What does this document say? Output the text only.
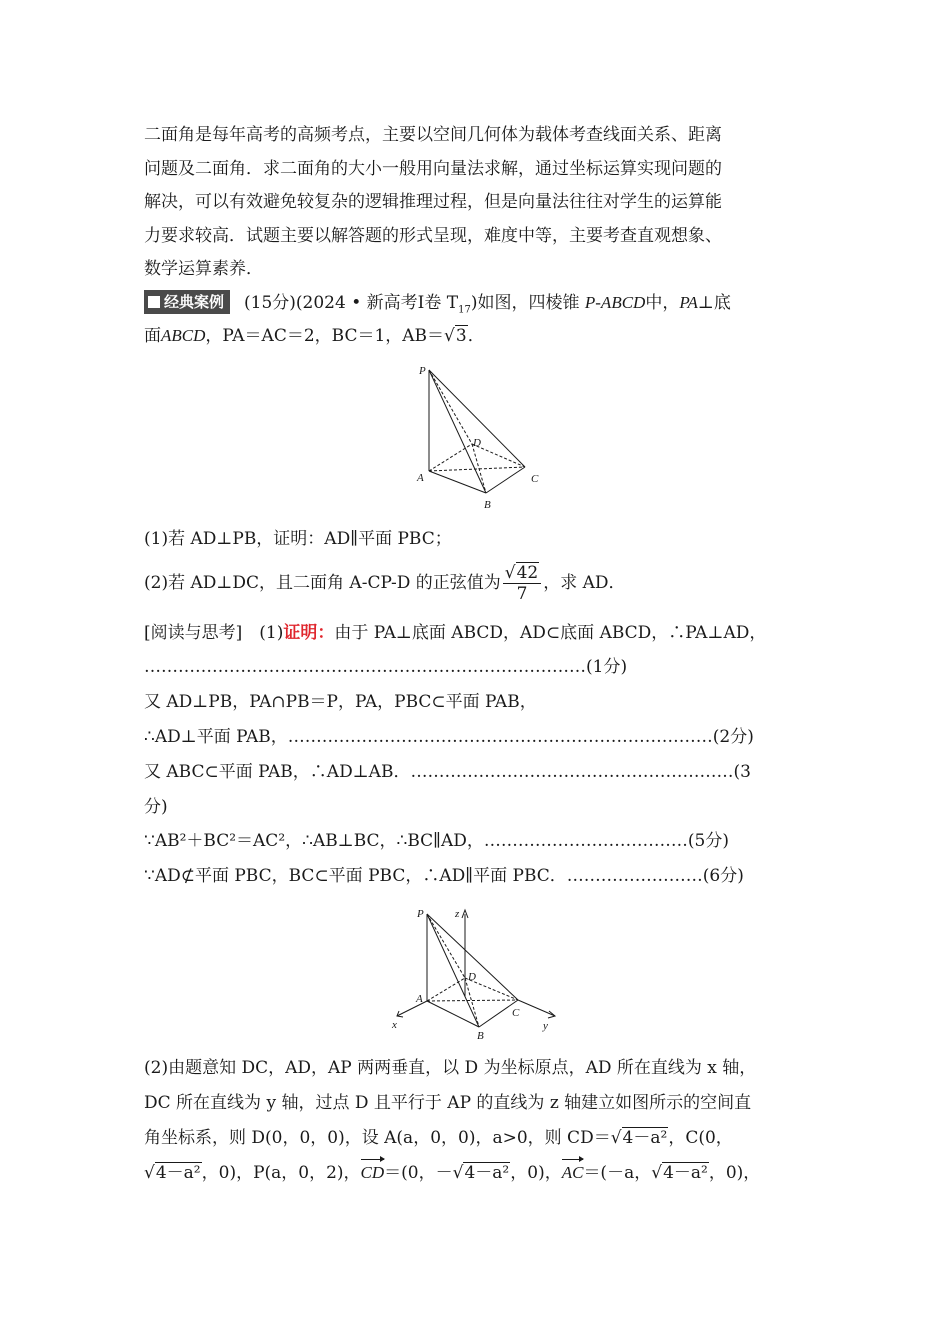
二面角是每年高考的高频考点，主要以空间几何体为载体考查线面关系、距离
问题及二面角．求二面角的大小一般用向量法求解，通过坐标运算实现问题的
解决，可以有效避免较复杂的逻辑推理过程，但是向量法往往对学生的运算能
力要求较高．试题主要以解答题的形式呈现，难度中等，主要考查直观想象、
数学运算素养．
经典案例 (15分)(2024 • 新高考Ⅰ卷 $T_{17}$)如图，四棱锥 P-ABCD中，PA⊥底
面ABCD，PA＝AC＝2，BC＝1，AB＝√3．
P
D
A	C
B
(1)若 AD⊥PB，证明：AD∥平面 PBC；
(2)若 AD⊥DC，且二面角 A-CP-D 的正弦值为 $\frac{√42}{7}$ ，求 AD．
[阅读与思考]　 (1)证明：由于 PA⊥底面 ABCD，AD⊂底面 ABCD，∴PA⊥AD，
……………………………………………………………………(1分)
又 AD⊥PB，PA∩PB＝P，PA，PBC⊂平面 PAB，
∴AD⊥平面 PAB，…………………………………………………………………(2分)
又 ABC⊂平面 PAB，∴AD⊥AB．…………………………………………………(3
分)
∵AB²＋BC²＝AC²，∴AB⊥BC，∴BC∥AD，………………………………(5分)
∵AD⊄平面 PBC，BC⊂平面 PBC，∴AD∥平面 PBC．……………………(6分)
P	z
D
A
C
B
x	y
(2)由题意知 DC，AD，AP 两两垂直，以 D 为坐标原点，AD 所在直线为 x 轴，
DC 所在直线为 y 轴，过点 D 且平行于 AP 的直线为 z 轴建立如图所示的空间直
角坐标系，则 D(0，0，0)，设 A(a，0，0)，a>0，则 CD＝√4－a²，C(0，
√4－a²，0)，P(a，0，2)，CD＝(0，－√4－a²，0)，AC＝(－a，√4－a²，0)，
